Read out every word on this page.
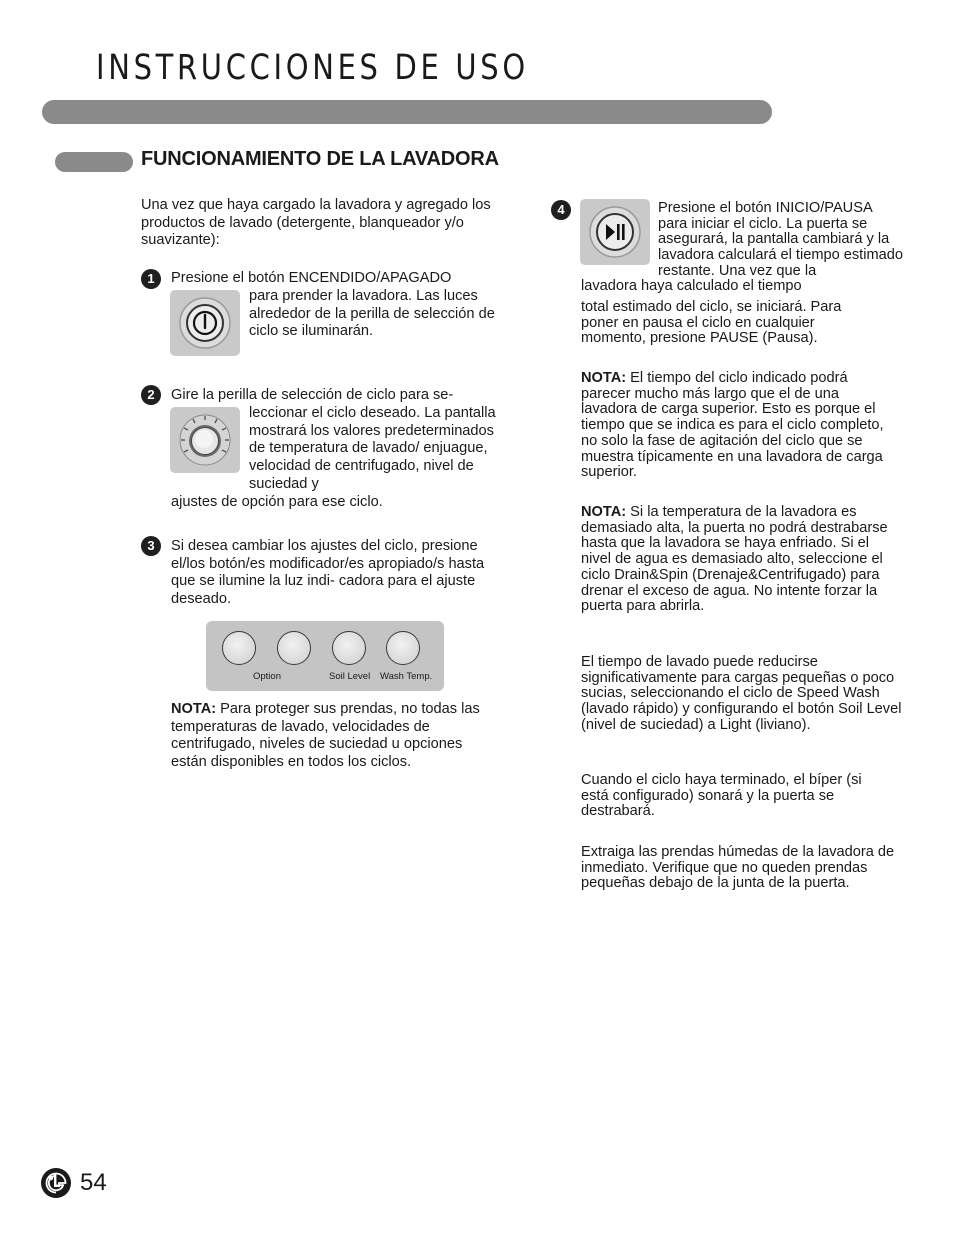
INSTRUCCIONES DE USO
FUNCIONAMIENTO DE LA LAVADORA

Una vez que haya cargado la lavadora y agregado los productos de lavado (detergente, blanqueador y/o suavizante):

1	Presione el botón ENCENDIDO/APAGADO

para prender la lavadora. Las luces alrededor de la perilla de selección de ciclo se iluminarán.

2	Gire la perilla de selección de ciclo para se-

leccionar el ciclo deseado. La pantalla mostrará los valores predeterminados de temperatura de lavado/ enjuague, velocidad de centrifugado, nivel de suciedad y

ajustes de opción para ese ciclo.

3	Si desea cambiar los ajustes del ciclo, presione el/los botón/es modificador/es apropiado/s hasta que se ilumine la luz indi- cadora para el ajuste deseado.

Option	Soil Level Wash Temp.

NOTA: Para proteger sus prendas, no todas las temperaturas de lavado, velocidades de centrifugado, niveles de suciedad u opciones están disponibles en todos los ciclos.

4	Presione el botón INICIO/PAUSA para iniciar el ciclo. La puerta se asegurará, la pantalla cambiará y la lavadora calculará el tiempo estimado restante. Una vez que la

lavadora haya calculado el tiempo

total estimado del ciclo, se iniciará. Para poner en pausa el ciclo en cualquier momento, presione PAUSE (Pausa).

NOTA: El tiempo del ciclo indicado podrá parecer mucho más largo que el de una lavadora de carga superior. Esto es porque el tiempo que se indica es para el ciclo completo, no solo la fase de agitación del ciclo que se muestra típicamente en una lavadora de carga superior.

NOTA: Si la temperatura de la lavadora es demasiado alta, la puerta no podrá destrabarse hasta que la lavadora se haya enfriado. Si el nivel de agua es demasiado alto, seleccione el ciclo Drain&Spin (Drenaje&Centrifugado) para drenar el exceso de agua. No intente forzar la puerta para abrirla.

El tiempo de lavado puede reducirse significativamente para cargas pequeñas o poco sucias, seleccionando el ciclo de Speed Wash (lavado rápido) y configurando el botón Soil Level (nivel de suciedad) a Light (liviano).

Cuando el ciclo haya terminado, el bíper (si está configurado) sonará y la puerta se destrabará.

Extraiga las prendas húmedas de la lavadora de inmediato. Verifique que no queden prendas pequeñas debajo de la junta de la puerta.

54
